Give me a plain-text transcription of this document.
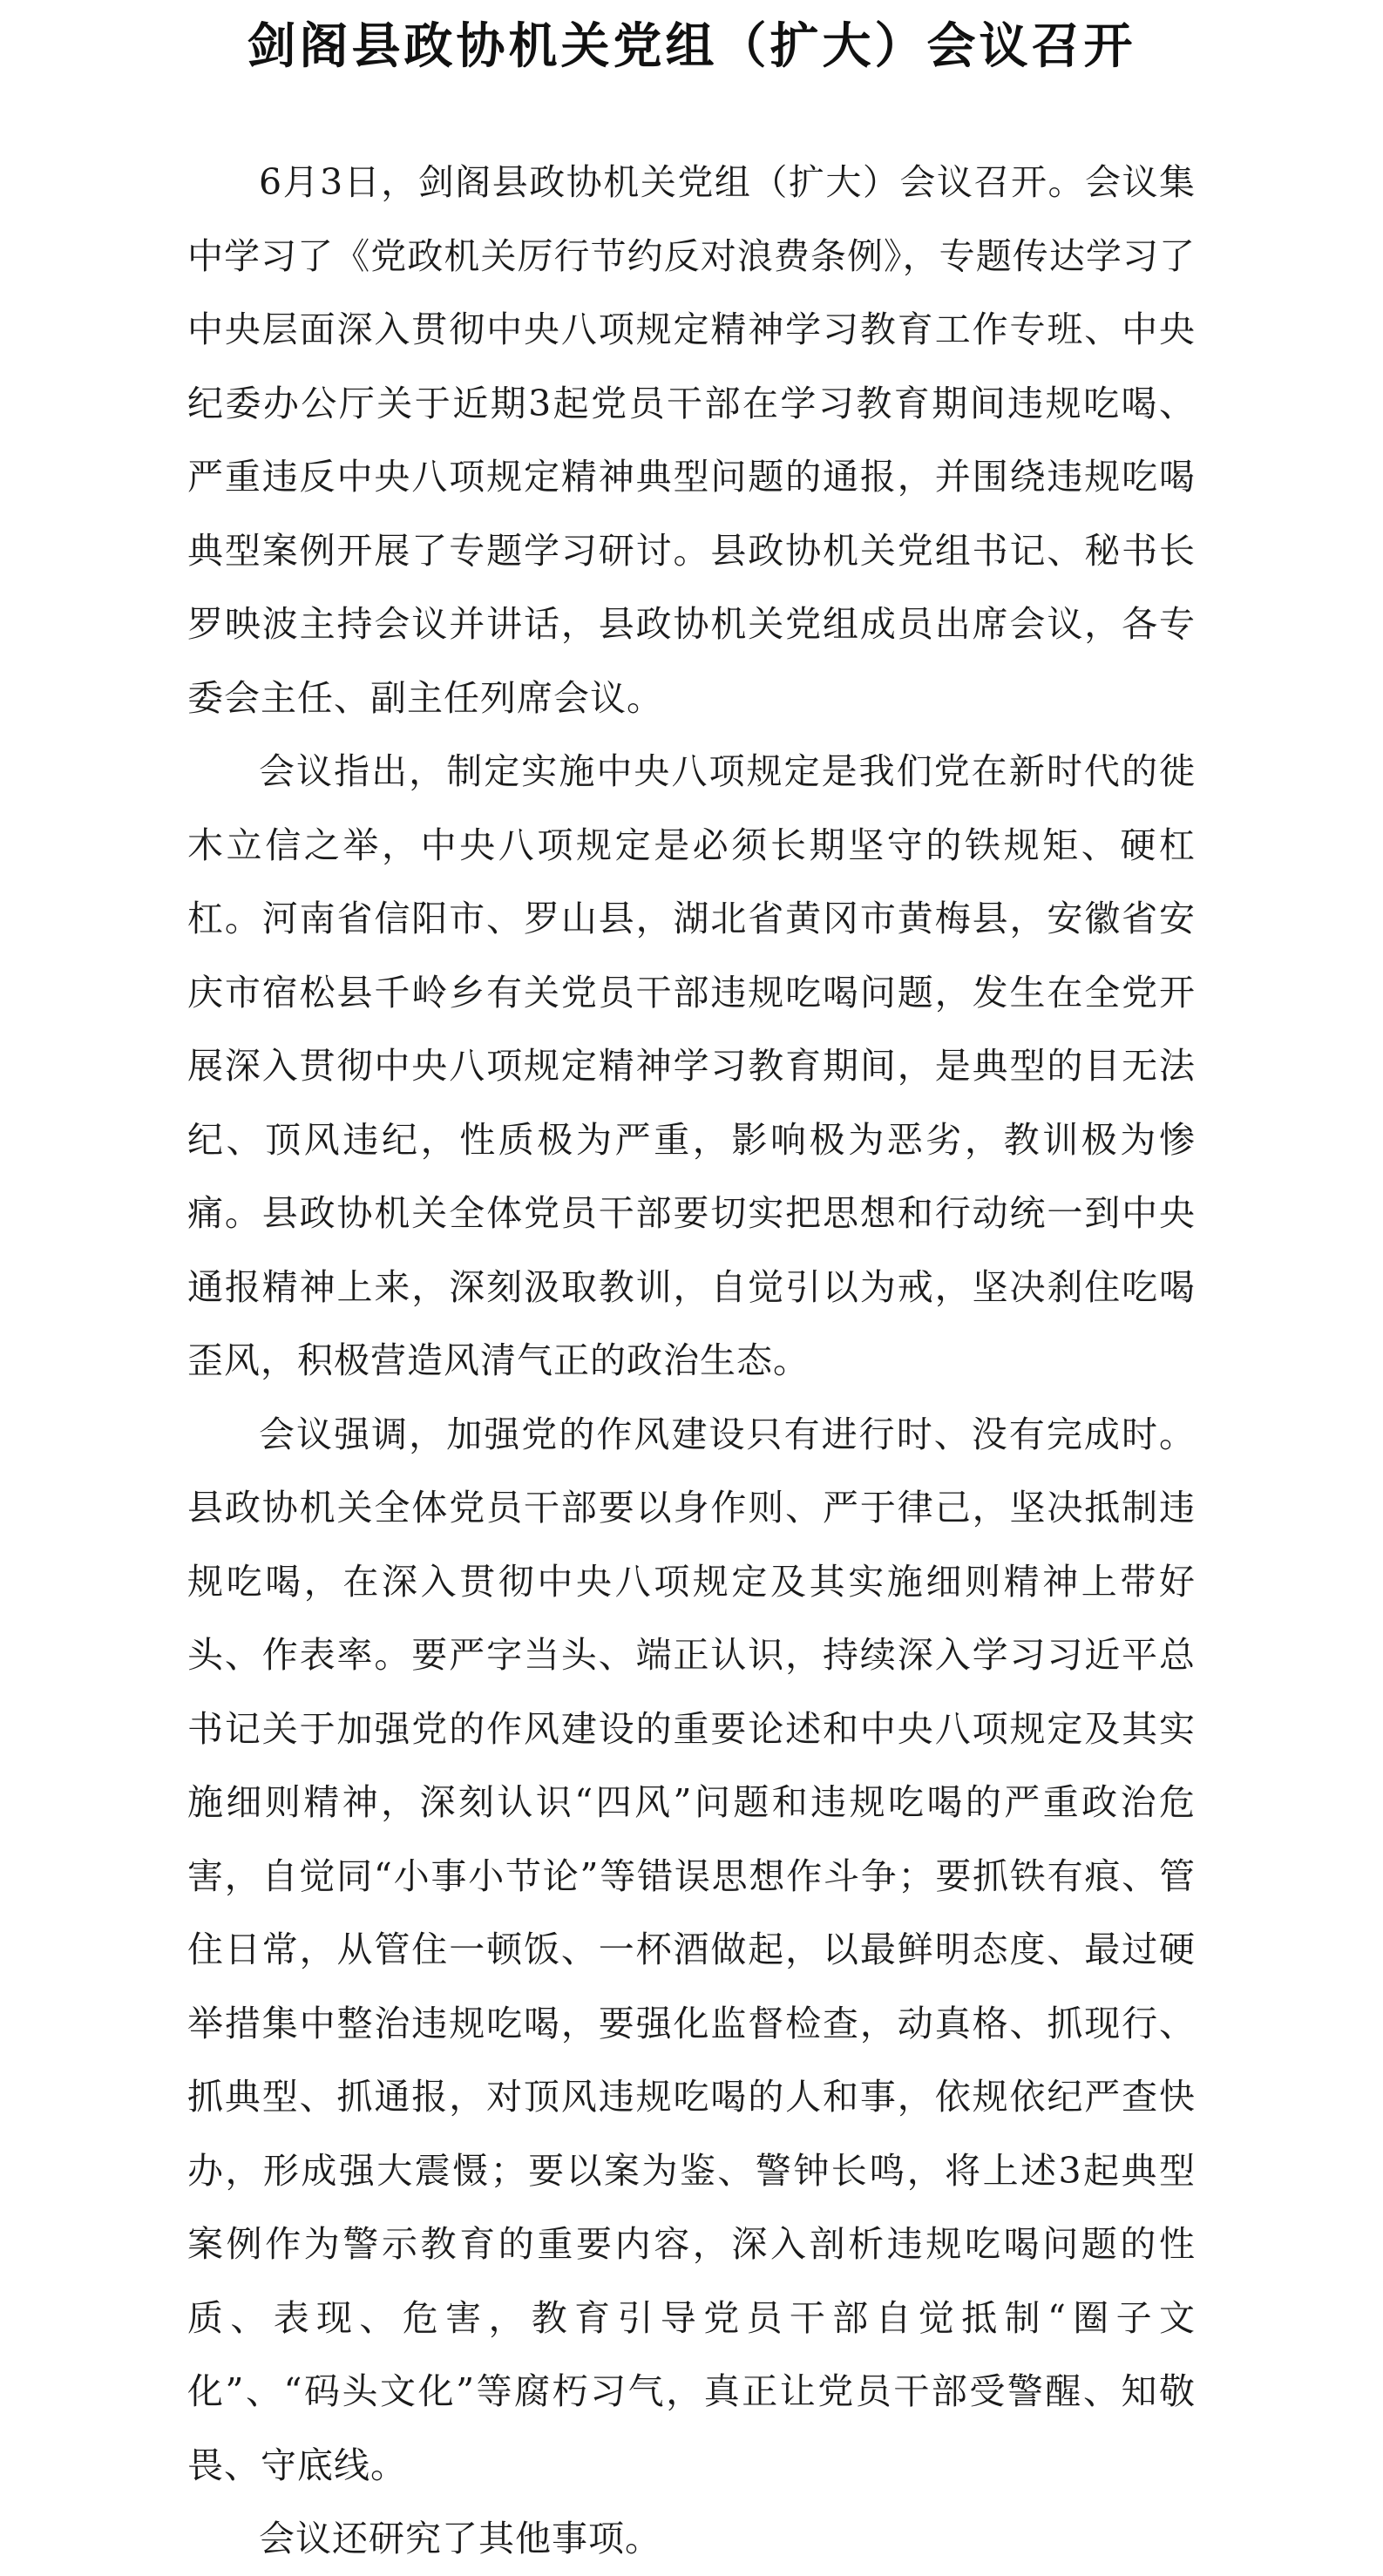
剑阁县政协机关党组（扩大）会议召开

6月3日，剑阁县政协机关党组（扩大）会议召开。会议集中学习了《党政机关厉行节约反对浪费条例》，专题传达学习了中央层面深入贯彻中央八项规定精神学习教育工作专班、中央纪委办公厅关于近期3起党员干部在学习教育期间违规吃喝、严重违反中央八项规定精神典型问题的通报，并围绕违规吃喝典型案例开展了专题学习研讨。县政协机关党组书记、秘书长罗映波主持会议并讲话，县政协机关党组成员出席会议，各专委会主任、副主任列席会议。

会议指出，制定实施中央八项规定是我们党在新时代的徙木立信之举，中央八项规定是必须长期坚守的铁规矩、硬杠杠。河南省信阳市、罗山县，湖北省黄冈市黄梅县，安徽省安庆市宿松县千岭乡有关党员干部违规吃喝问题，发生在全党开展深入贯彻中央八项规定精神学习教育期间，是典型的目无法纪、顶风违纪，性质极为严重，影响极为恶劣，教训极为惨痛。县政协机关全体党员干部要切实把思想和行动统一到中央通报精神上来，深刻汲取教训，自觉引以为戒，坚决刹住吃喝歪风，积极营造风清气正的政治生态。

会议强调，加强党的作风建设只有进行时、没有完成时。县政协机关全体党员干部要以身作则、严于律己，坚决抵制违规吃喝，在深入贯彻中央八项规定及其实施细则精神上带好头、作表率。要严字当头、端正认识，持续深入学习习近平总书记关于加强党的作风建设的重要论述和中央八项规定及其实施细则精神，深刻认识“四风”问题和违规吃喝的严重政治危害，自觉同“小事小节论”等错误思想作斗争；要抓铁有痕、管住日常，从管住一顿饭、一杯酒做起，以最鲜明态度、最过硬举措集中整治违规吃喝，要强化监督检查，动真格、抓现行、抓典型、抓通报，对顶风违规吃喝的人和事，依规依纪严查快办，形成强大震慑；要以案为鉴、警钟长鸣，将上述3起典型案例作为警示教育的重要内容，深入剖析违规吃喝问题的性质、表现、危害，教育引导党员干部自觉抵制“圈子文化”、“码头文化”等腐朽习气，真正让党员干部受警醒、知敬畏、守底线。

会议还研究了其他事项。
